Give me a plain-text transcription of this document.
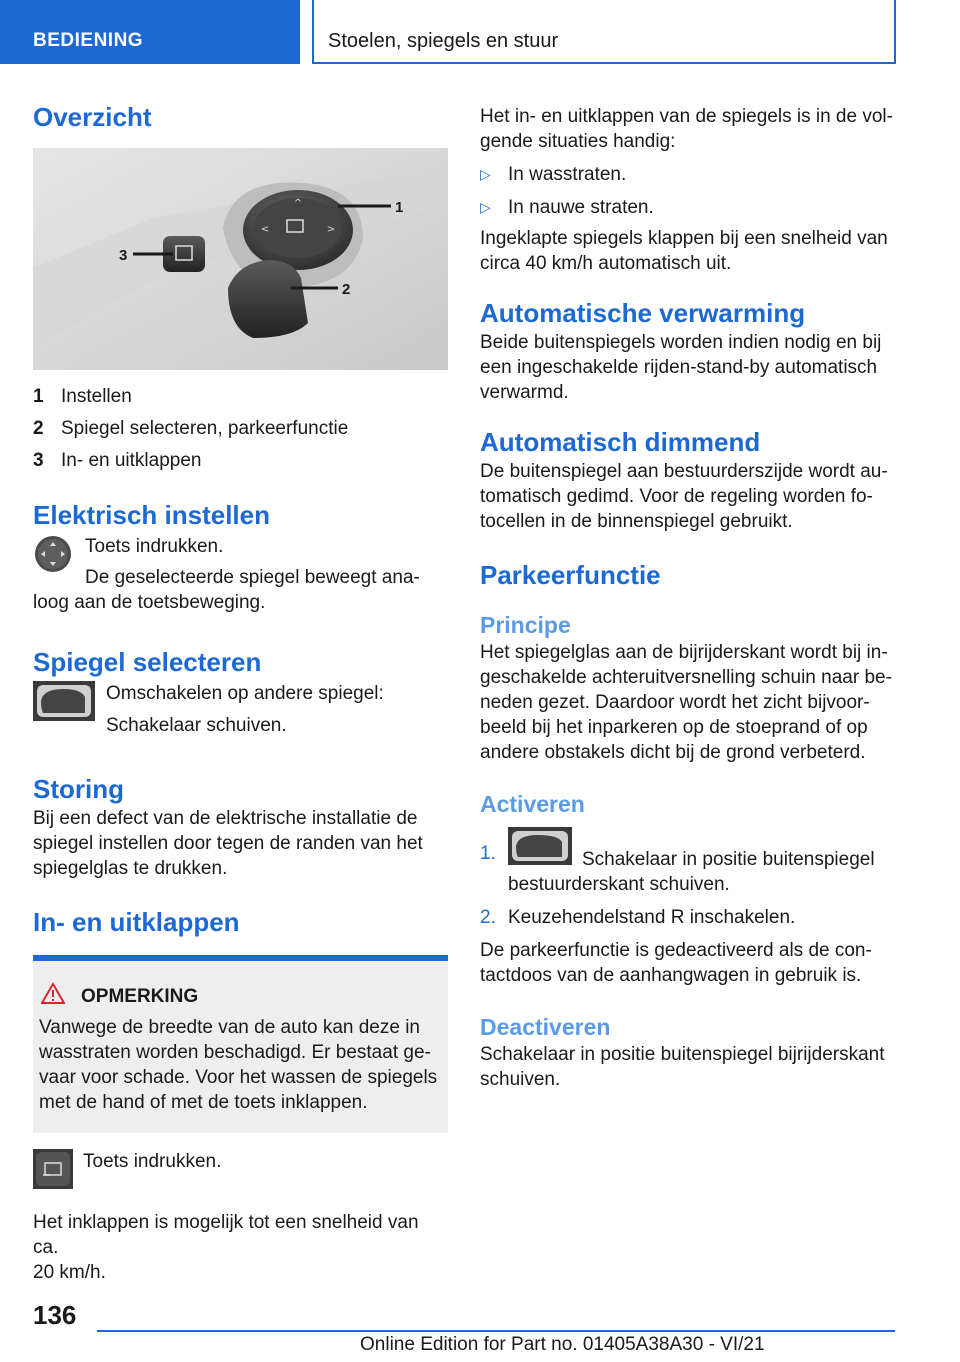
BEDIENING	Stoelen, spiegels en stuur
Overzicht
^
<	>
1
2
3
1 Instellen
2 Spiegel selecteren, parkeerfunctie
3 In- en uitklappen
Elektrisch instellen

Toets indrukken.

De geselecteerde spiegel beweegt ana-

loog aan de toetsbeweging.

Spiegel selecteren

Omschakelen op andere spiegel:

Schakelaar schuiven.

Storing

Bij een defect van de elektrische installatie de

spiegel instellen door tegen de randen van het

spiegelglas te drukken.

In- en uitklappen
OPMERKING

Vanwege de breedte van de auto kan deze in

wasstraten worden beschadigd. Er bestaat ge-

vaar voor schade. Voor het wassen de spiegels

met de hand of met de toets inklappen.

Toets indrukken.

Het inklappen is mogelijk tot een snelheid van ca.

20 km/h.

Het in- en uitklappen van de spiegels is in de vol-

gende situaties handig:

▷ In wasstraten.
▷ In nauwe straten.

Ingeklapte spiegels klappen bij een snelheid van

circa 40 km/h automatisch uit.

Automatische verwarming

Beide buitenspiegels worden indien nodig en bij

een ingeschakelde rijden-stand-by automatisch

verwarmd.

Automatisch dimmend

De buitenspiegel aan bestuurderszijde wordt au-

tomatisch gedimd. Voor de regeling worden fo-

tocellen in de binnenspiegel gebruikt.

Parkeerfunctie
Principe

Het spiegelglas aan de bijrijderskant wordt bij in-

geschakelde achteruitversnelling schuin naar be-

neden gezet. Daardoor wordt het zicht bijvoor-

beeld bij het inparkeren op de stoeprand of op

andere obstakels dicht bij de grond verbeterd.

Activeren
1.	Schakelaar in positie buitenspiegel

bestuurderskant schuiven.

2. Keuzehendelstand R inschakelen.

De parkeerfunctie is gedeactiveerd als de con-

tactdoos van de aanhangwagen in gebruik is.

Deactiveren

Schakelaar in positie buitenspiegel bijrijderskant

schuiven.

136
Online Edition for Part no. 01405A38A30 - VI/21
